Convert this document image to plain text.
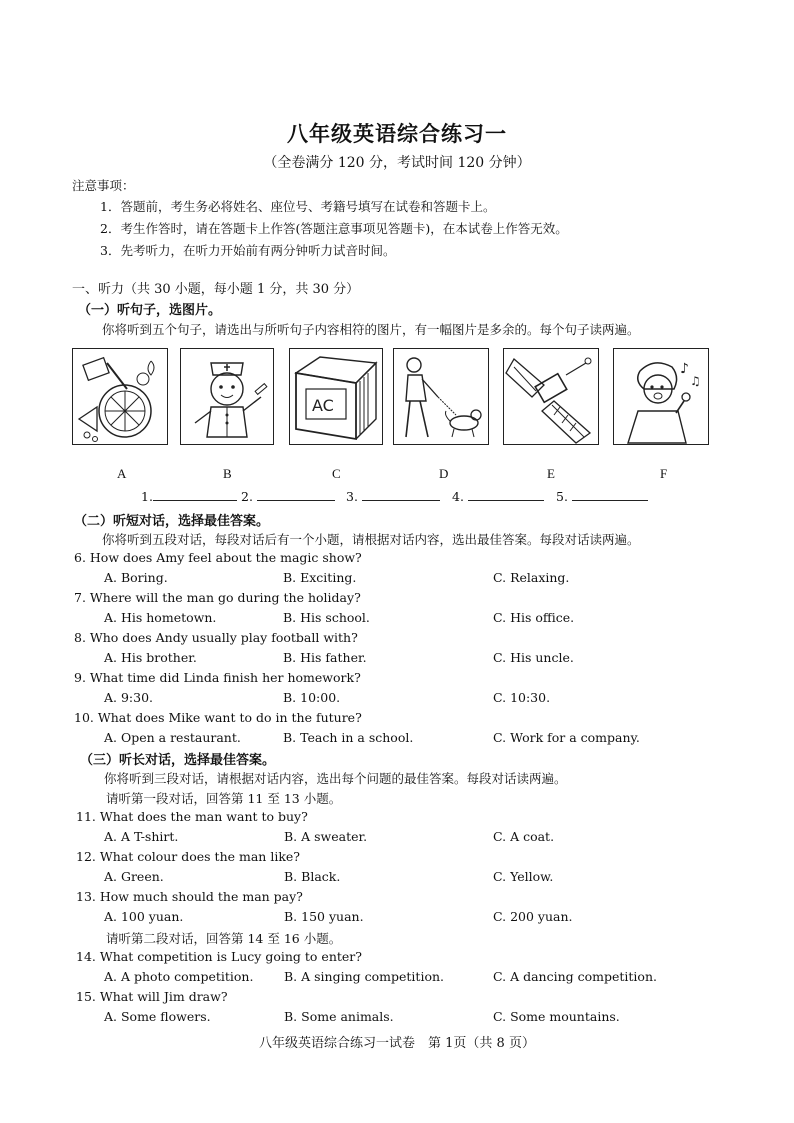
八年级英语综合练习一
（全卷满分 120 分，考试时间 120 分钟）
注意事项：
1．答题前，考生务必将姓名、座位号、考籍号填写在试卷和答题卡上。
2．考生作答时，请在答题卡上作答(答题注意事项见答题卡)，在本试卷上作答无效。
3．先考听力，在听力开始前有两分钟听力试音时间。
一、听力（共 30 小题，每小题 1 分，共 30 分）
（一）听句子，选图片。
你将听到五个句子，请选出与所听句子内容相符的图片，有一幅图片是多余的。每个句子读两遍。
AC
♪
♫
A	B	C	D	E	F
1.	2.	3.	4.	5.
（二）听短对话，选择最佳答案。
你将听到五段对话，每段对话后有一个小题，请根据对话内容，选出最佳答案。每段对话读两遍。
6. How does Amy feel about the magic show?
A. Boring.	B. Exciting.	C. Relaxing.
7. Where will the man go during the holiday?
A. His hometown.	B. His school.	C. His office.
8. Who does Andy usually play football with?
A. His brother.	B. His father.	C. His uncle.
9. What time did Linda finish her homework?
A. 9:30.	B. 10:00.	C. 10:30.
10. What does Mike want to do in the future?
A. Open a restaurant.	B. Teach in a school.	C. Work for a company.
（三）听长对话，选择最佳答案。
你将听到三段对话，请根据对话内容，选出每个问题的最佳答案。每段对话读两遍。
请听第一段对话，回答第 11 至 13 小题。
11. What does the man want to buy?
A. A T-shirt.	B. A sweater.	C. A coat.
12. What colour does the man like?
A. Green.	B. Black.	C. Yellow.
13. How much should the man pay?
A. 100 yuan.	B. 150 yuan.	C. 200 yuan.
请听第二段对话，回答第 14 至 16 小题。
14. What competition is Lucy going to enter?
A. A photo competition. B. A singing competition.	C. A dancing competition.
15. What will Jim draw?
A. Some flowers.	B. Some animals.	C. Some mountains.
八年级英语综合练习一试卷　第 1页（共 8 页）
